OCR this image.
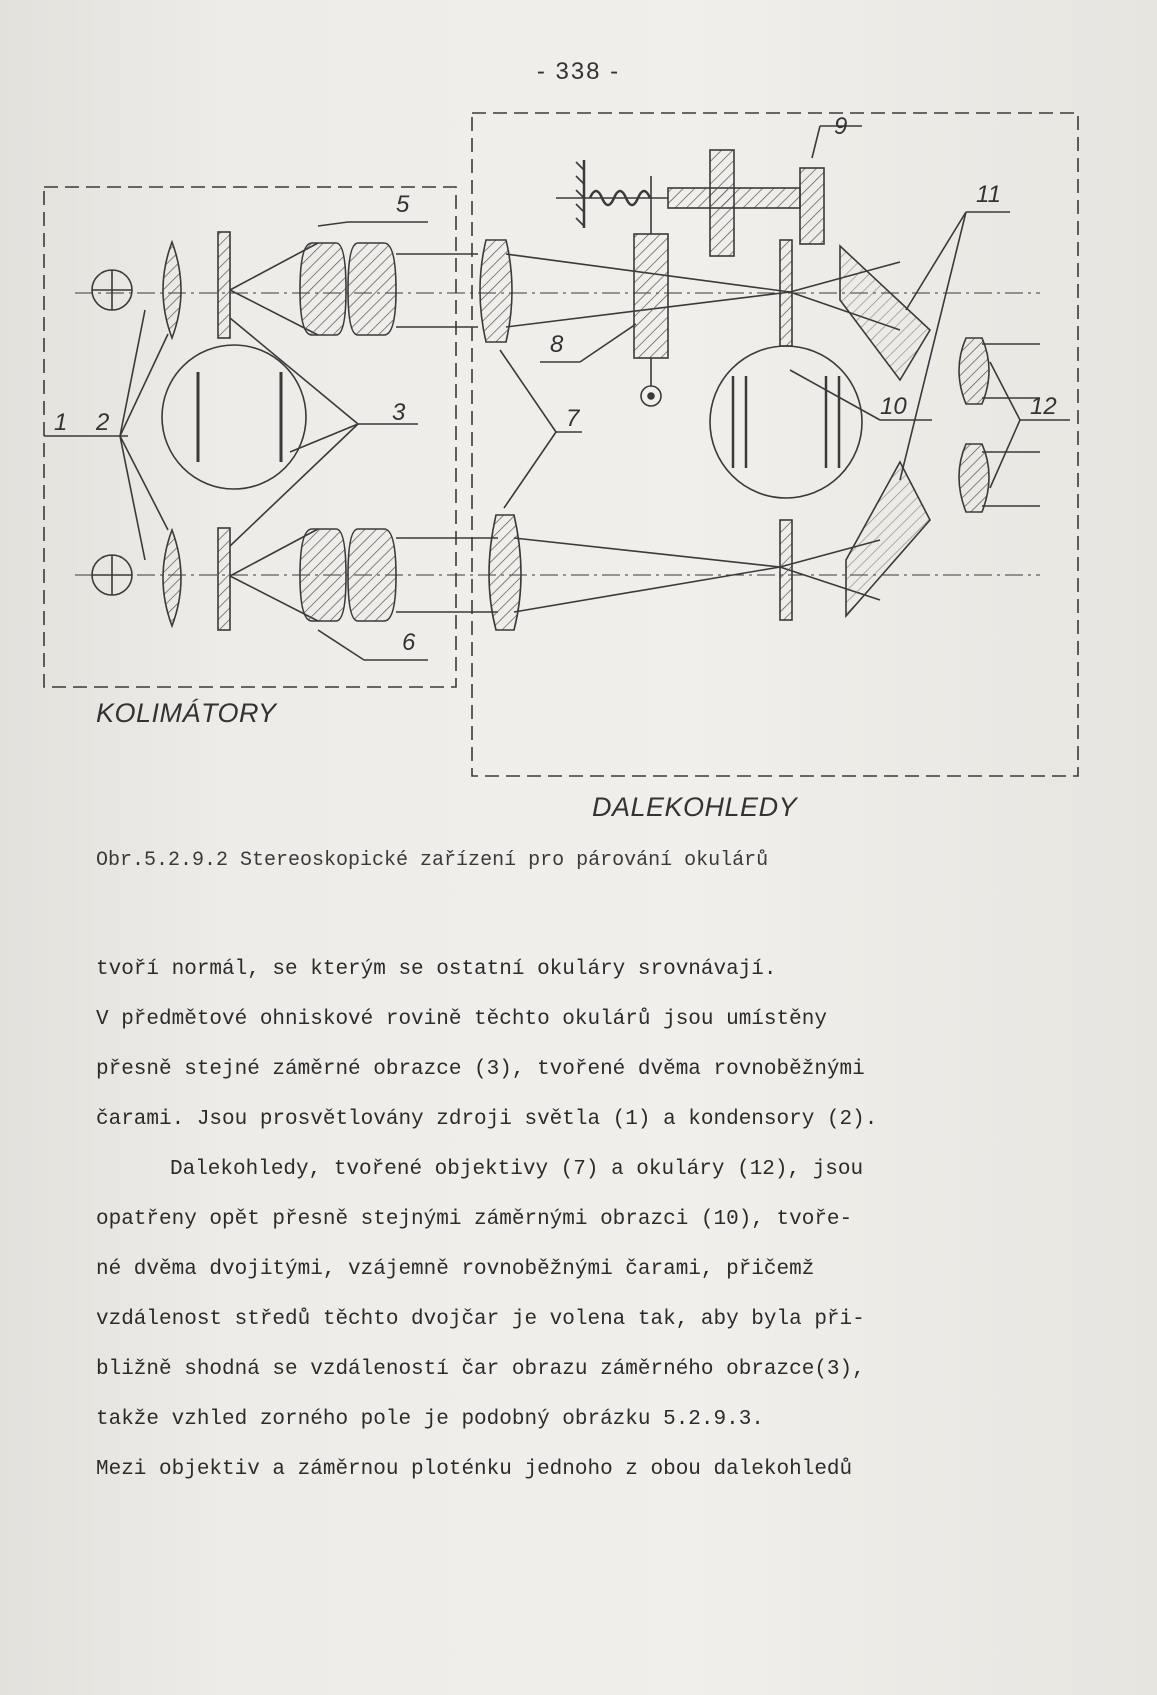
- 338 -
1 2	3
5
6
7
8
9
10
11
12
KOLIMÁTORY
DALEKOHLEDY
Obr.5.2.9.2 Stereoskopické zařízení pro párování okulárů
tvoří normál, se kterým se ostatní okuláry srovnávají.
V předmětové ohniskové rovině těchto okulárů jsou umístěny
přesně stejné záměrné obrazce (3), tvořené dvěma rovnoběžnými
čarami. Jsou prosvětlovány zdroji světla (1) a kondensory (2).
Dalekohledy, tvořené objektivy (7) a okuláry (12), jsou
opatřeny opět přesně stejnými záměrnými obrazci (10), tvoře-
né dvěma dvojitými, vzájemně rovnoběžnými čarami, přičemž
vzdálenost středů těchto dvojčar je volena tak, aby byla při-
bližně shodná se vzdáleností čar obrazu záměrného obrazce(3),
takže vzhled zorného pole je podobný obrázku 5.2.9.3.
Mezi objektiv a záměrnou ploténku jednoho z obou dalekohledů
